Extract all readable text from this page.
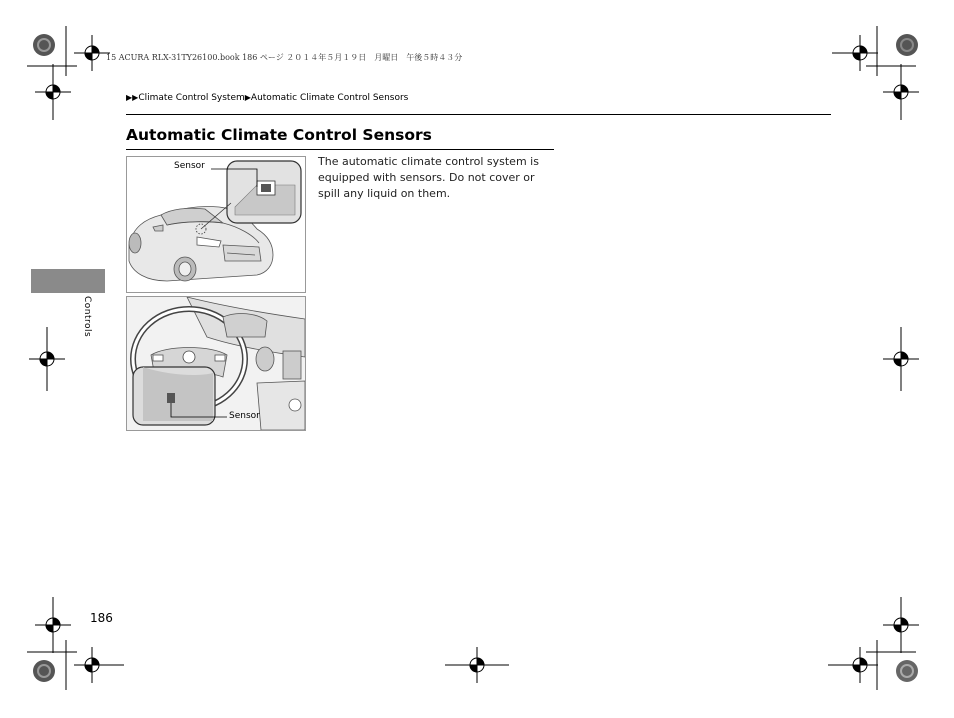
15 ACURA RLX-31TY26100.book 186 ページ ２０１４年５月１９日　月曜日　午後５時４３分
▶▶Climate Control System▶Automatic Climate Control Sensors
Automatic Climate Control Sensors
The automatic climate control system is equipped with sensors. Do not cover or spill any liquid on them.
Sensor
Sensor
Controls
186
